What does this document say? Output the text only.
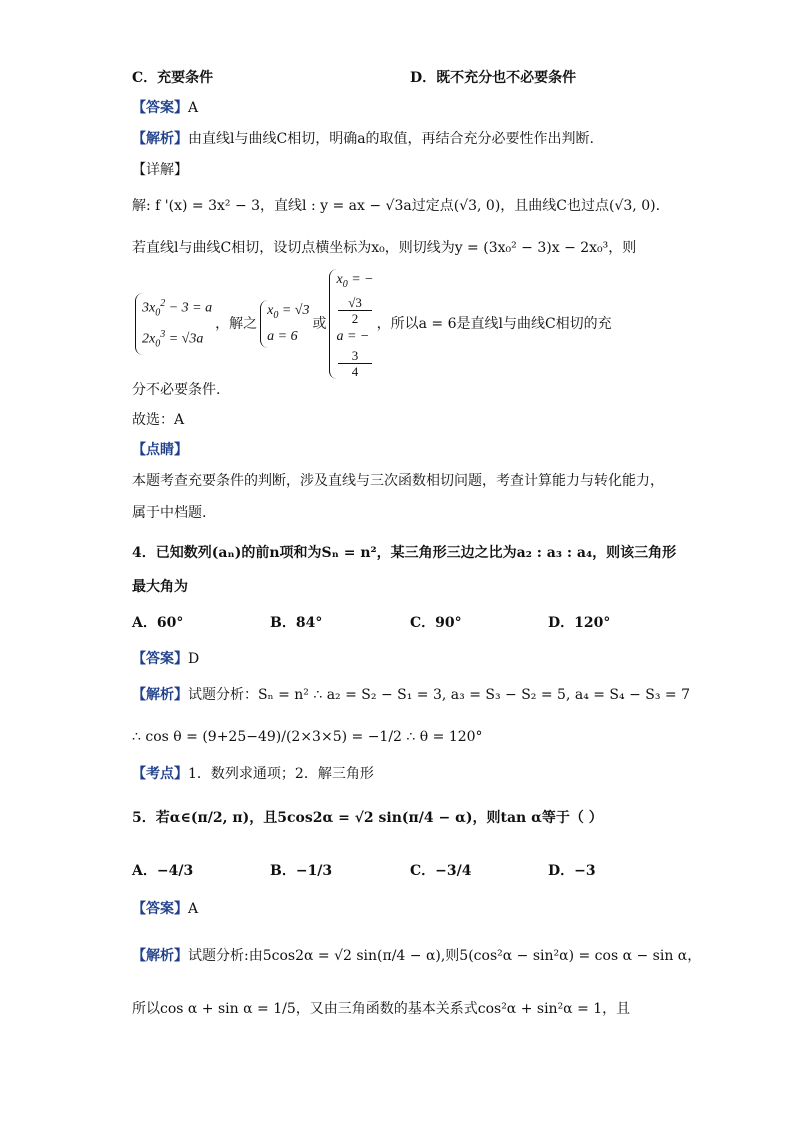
C．充要条件	D．既不充分也不必要条件
【答案】A
【解析】由直线l与曲线C相切，明确a的取值，再结合充分必要性作出判断.
【详解】
解: f '(x) = 3x² − 3，直线l : y = ax − √3a过定点(√3, 0)，且曲线C也过点(√3, 0).
若直线l与曲线C相切，设切点横坐标为x₀，则切线为y = (3x₀² − 3)x − 2x₀³，则
$3x_0^2 - 3 = a$
$2x_0^3 = √3a$
，解之
$x_0 = √3$
a = 6
或
$x_0$ = −
√3
2
a = −
3
4
，所以a = 6是直线l与曲线C相切的充
分不必要条件.
故选：A
【点睛】
本题考查充要条件的判断，涉及直线与三次函数相切问题，考查计算能力与转化能力，
属于中档题.
4．已知数列(aₙ)的前n项和为Sₙ = n²，某三角形三边之比为a₂ : a₃ : a₄，则该三角形
最大角为
A．60°	B．84°	C．90°	D．120°
【答案】D
【解析】试题分析：Sₙ = n² ∴ a₂ = S₂ − S₁ = 3, a₃ = S₃ − S₂ = 5, a₄ = S₄ − S₃ = 7
∴ cos θ = (9+25−49)/(2×3×5) = −1/2 ∴ θ = 120°
【考点】1．数列求通项；2．解三角形
5．若α∈(π/2, π)，且5cos2α = √2 sin(π/4 − α)，则tan α等于（ ）
A．−4/3	B．−1/3	C．−3/4	D．−3
【答案】A
【解析】试题分析:由5cos2α = √2 sin(π/4 − α),则5(cos²α − sin²α) = cos α − sin α，
所以cos α + sin α = 1/5，又由三角函数的基本关系式cos²α + sin²α = 1，且
